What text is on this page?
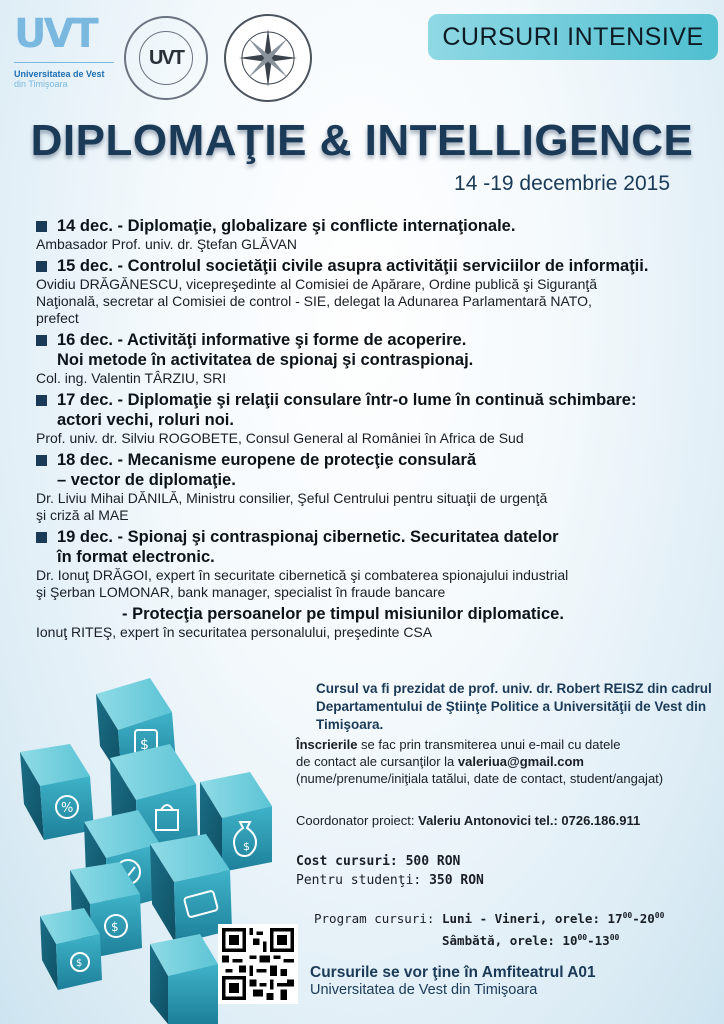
UVT
Universitatea de Vest
din Timişoara
UVT
CURSURI INTENSIVE
DIPLOMAŢIE & INTELLIGENCE
14 -19 decembrie 2015
14 dec. - Diplomaţie, globalizare şi conflicte internaţionale.
Ambasador Prof. univ. dr. Ştefan GLĂVAN
15 dec. - Controlul societăţii civile asupra activităţii serviciilor de informaţii.
Ovidiu DRĂGĂNESCU, vicepreşedinte al Comisiei de Apărare, Ordine publică şi Siguranţă
Naţională, secretar al Comisiei de control - SIE, delegat la Adunarea Parlamentară NATO,
prefect
16 dec. - Activităţi informative şi forme de acoperire.
Noi metode în activitatea de spionaj şi contraspionaj.
Col. ing. Valentin TÂRZIU, SRI
17 dec. - Diplomaţie şi relaţii consulare într-o lume în continuă schimbare:
actori vechi, roluri noi.
Prof. univ. dr. Silviu ROGOBETE, Consul General al României în Africa de Sud
18 dec. - Mecanisme europene de protecţie consulară
– vector de diplomaţie.
Dr. Liviu Mihai DĂNILĂ, Ministru consilier, Şeful Centrului pentru situaţii de urgenţă
şi criză al MAE
19 dec. - Spionaj şi contraspionaj cibernetic. Securitatea datelor
în format electronic.
Dr. Ionuţ DRĂGOI, expert în securitate cibernetică şi combaterea spionajului industrial
şi Şerban LOMONAR, bank manager, specialist în fraude bancare
- Protecţia persoanelor pe timpul misiunilor diplomatice.
Ionuţ RITEŞ, expert în securitatea personalului, preşedinte CSA
$
%
$
$
$
Cursul va fi prezidat de prof. univ. dr. Robert REISZ din cadrul Departamentului de Ştiinţe Politice a Universităţii de Vest din Timişoara.
Înscrierile se fac prin transmiterea unui e-mail cu datele
de contact ale cursanţilor la valeriua@gmail.com
(nume/prenume/iniţiala tatălui, date de contact, student/angajat)
Coordonator proiect: Valeriu Antonovici tel.: 0726.186.911
Cost cursuri: 500 RON
Pentru studenţi: 350 RON
Program cursuri: Luni - Vineri, orele: $17^{00}-20^{00}$
Sâmbătă, orele: $10^{00}-13^{00}$
Cursurile se vor ţine în Amfiteatrul A01
Universitatea de Vest din Timişoara
